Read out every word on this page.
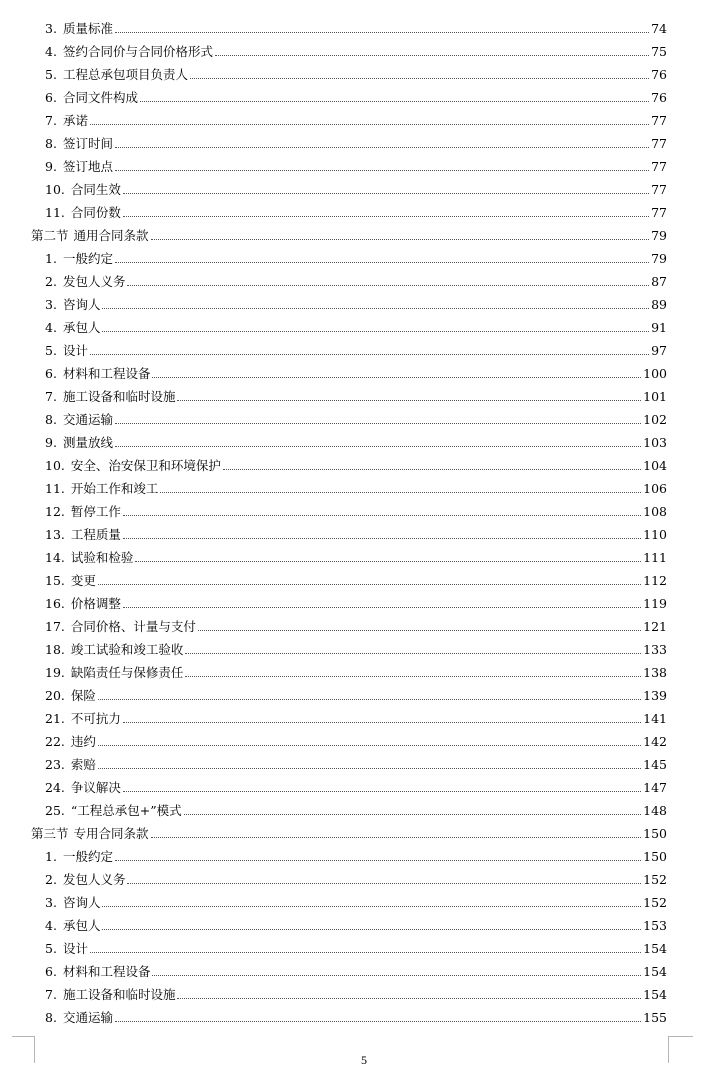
3. 质量标准	74
4. 签约合同价与合同价格形式	75
5. 工程总承包项目负责人	76
6. 合同文件构成	76
7. 承诺	77
8. 签订时间	77
9. 签订地点	77
10. 合同生效	77
11. 合同份数	77
第二节 通用合同条款	79
1. 一般约定	79
2. 发包人义务	87
3. 咨询人	89
4. 承包人	91
5. 设计	97
6. 材料和工程设备	100
7. 施工设备和临时设施	101
8. 交通运输	102
9. 测量放线	103
10. 安全、治安保卫和环境保护	104
11. 开始工作和竣工	106
12. 暂停工作	108
13. 工程质量	110
14. 试验和检验	111
15. 变更	112
16. 价格调整	119
17. 合同价格、计量与支付	121
18. 竣工试验和竣工验收	133
19. 缺陷责任与保修责任	138
20. 保险	139
21. 不可抗力	141
22. 违约	142
23. 索赔	145
24. 争议解决	147
25. “工程总承包+”模式	148
第三节 专用合同条款	150
1. 一般约定	150
2. 发包人义务	152
3. 咨询人	152
4. 承包人	153
5. 设计	154
6. 材料和工程设备	154
7. 施工设备和临时设施	154
8. 交通运输	155
5
